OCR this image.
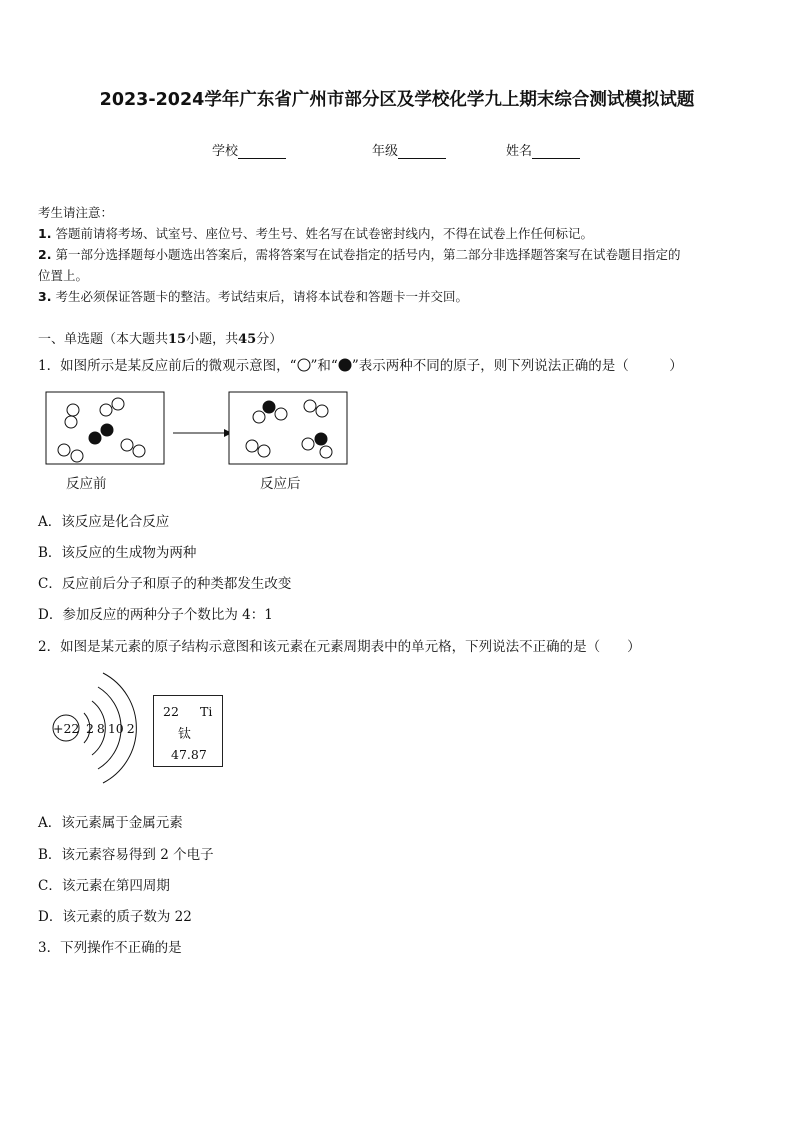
2023-2024学年广东省广州市部分区及学校化学九上期末综合测试模拟试题
学校	年级	姓名
考生请注意：
1. 答题前请将考场、试室号、座位号、考生号、姓名写在试卷密封线内，不得在试卷上作任何标记。
2. 第一部分选择题每小题选出答案后，需将答案写在试卷指定的括号内，第二部分非选择题答案写在试卷题目指定的
位置上。
3. 考生必须保证答题卡的整洁。考试结束后，请将本试卷和答题卡一并交回。
一、单选题（本大题共15小题，共45分）
1．如图所示是某反应前后的微观示意图，“ ”和“ ”表示两种不同的原子，则下列说法正确的是（　　　）
反应前	反应后
A．该反应是化合反应
B．该反应的生成物为两种
C．反应前后分子和原子的种类都发生改变
D．参加反应的两种分子个数比为 4：1
2．如图是某元素的原子结构示意图和该元素在元素周期表中的单元格，下列说法不正确的是（　　）
+22 2 8 10 2
22 Ti
钛
47.87
A．该元素属于金属元素
B．该元素容易得到 2 个电子
C．该元素在第四周期
D．该元素的质子数为 22
3．下列操作不正确的是
